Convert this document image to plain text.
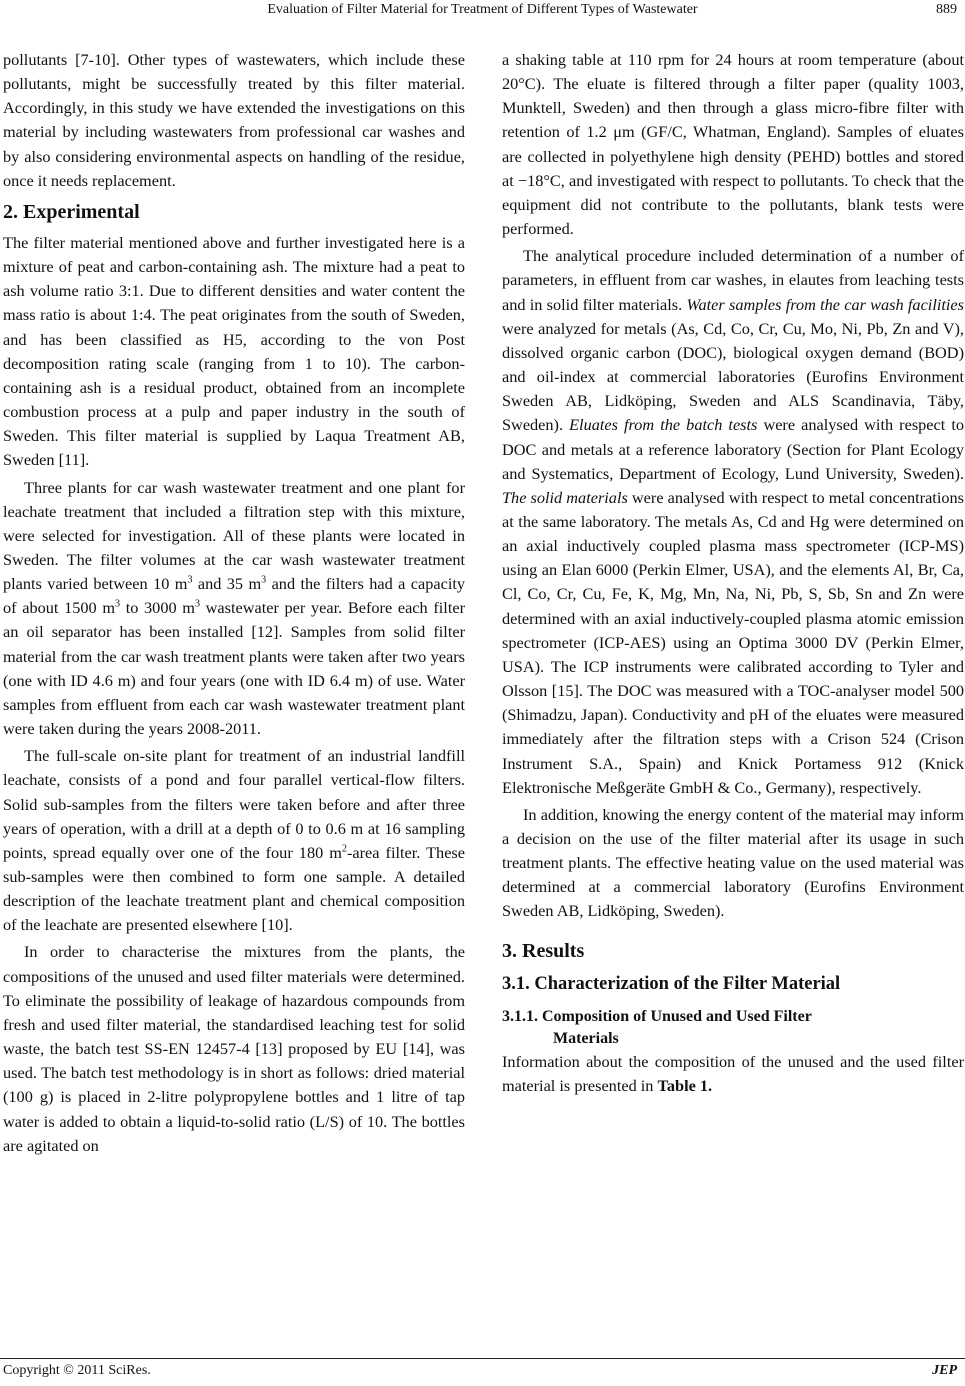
Evaluation of Filter Material for Treatment of Different Types of Wastewater	889

pollutants [7-10]. Other types of wastewaters, which include these pollutants, might be successfully treated by this filter material. Accordingly, in this study we have extended the investigations on this material by including wastewaters from professional car washes and by also considering environmental aspects on handling of the residue, once it needs replacement.

2. Experimental

The filter material mentioned above and further investigated here is a mixture of peat and carbon-containing ash. The mixture had a peat to ash volume ratio 3:1. Due to different densities and water content the mass ratio is about 1:4. The peat originates from the south of Sweden, and has been classified as H5, according to the von Post decomposition rating scale (ranging from 1 to 10). The carbon-containing ash is a residual product, obtained from an incomplete combustion process at a pulp and paper industry in the south of Sweden. This filter material is supplied by Laqua Treatment AB, Sweden [11].

Three plants for car wash wastewater treatment and one plant for leachate treatment that included a filtration step with this mixture, were selected for investigation. All of these plants were located in Sweden. The filter volumes at the car wash wastewater treatment plants varied between 10 $m^3$ and 35 $m^3$ and the filters had a capacity of about 1500 $m^3$ to 3000 $m^3$ wastewater per year. Before each filter an oil separator has been installed [12]. Samples from solid filter material from the car wash treatment plants were taken after two years (one with ID 4.6 m) and four years (one with ID 6.4 m) of use. Water samples from effluent from each car wash wastewater treatment plant were taken during the years 2008-2011.

The full-scale on-site plant for treatment of an industrial landfill leachate, consists of a pond and four parallel vertical-flow filters. Solid sub-samples from the filters were taken before and after three years of operation, with a drill at a depth of 0 to 0.6 m at 16 sampling points, spread equally over one of the four 180 $m^2$-area filter. These sub-samples were then combined to form one sample. A detailed description of the leachate treatment plant and chemical composition of the leachate are presented elsewhere [10].

In order to characterise the mixtures from the plants, the compositions of the unused and used filter materials were determined. To eliminate the possibility of leakage of hazardous compounds from fresh and used filter material, the standardised leaching test for solid waste, the batch test SS-EN 12457-4 [13] proposed by EU [14], was used. The batch test methodology is in short as follows: dried material (100 g) is placed in 2-litre polypropylene bottles and 1 litre of tap water is added to obtain a liquid-to-solid ratio (L/S) of 10. The bottles are agitated on

a shaking table at 110 rpm for 24 hours at room temperature (about 20°C). The eluate is filtered through a filter paper (quality 1003, Munktell, Sweden) and then through a glass micro-fibre filter with retention of 1.2 μm (GF/C, Whatman, England). Samples of eluates are collected in polyethylene high density (PEHD) bottles and stored at −18°C, and investigated with respect to pollutants. To check that the equipment did not contribute to the pollutants, blank tests were performed.

The analytical procedure included determination of a number of parameters, in effluent from car washes, in elautes from leaching tests and in solid filter materials. Water samples from the car wash facilities were analyzed for metals (As, Cd, Co, Cr, Cu, Mo, Ni, Pb, Zn and V), dissolved organic carbon (DOC), biological oxygen demand (BOD) and oil-index at commercial laboratories (Eurofins Environment Sweden AB, Lidköping, Sweden and ALS Scandinavia, Täby, Sweden). Eluates from the batch tests were analysed with respect to DOC and metals at a reference laboratory (Section for Plant Ecology and Systematics, Department of Ecology, Lund University, Sweden). The solid materials were analysed with respect to metal concentrations at the same laboratory. The metals As, Cd and Hg were determined on an axial inductively coupled plasma mass spectrometer (ICP-MS) using an Elan 6000 (Perkin Elmer, USA), and the elements Al, Br, Ca, Cl, Co, Cr, Cu, Fe, K, Mg, Mn, Na, Ni, Pb, S, Sb, Sn and Zn were determined with an axial inductively-coupled plasma atomic emission spectrometer (ICP-AES) using an Optima 3000 DV (Perkin Elmer, USA). The ICP instruments were calibrated according to Tyler and Olsson [15]. The DOC was measured with a TOC-analyser model 500 (Shimadzu, Japan). Conductivity and pH of the eluates were measured immediately after the filtration steps with a Crison 524 (Crison Instrument S.A., Spain) and Knick Portamess 912 (Knick Elektronische Meßgeräte GmbH & Co., Germany), respectively.

In addition, knowing the energy content of the material may inform a decision on the use of the filter material after its usage in such treatment plants. The effective heating value on the used material was determined at a commercial laboratory (Eurofins Environment Sweden AB, Lidköping, Sweden).

3. Results
3.1. Characterization of the Filter Material
3.1.1. Composition of Unused and Used Filter
Materials

Information about the composition of the unused and the used filter material is presented in Table 1.

Copyright © 2011 SciRes.	JEP
